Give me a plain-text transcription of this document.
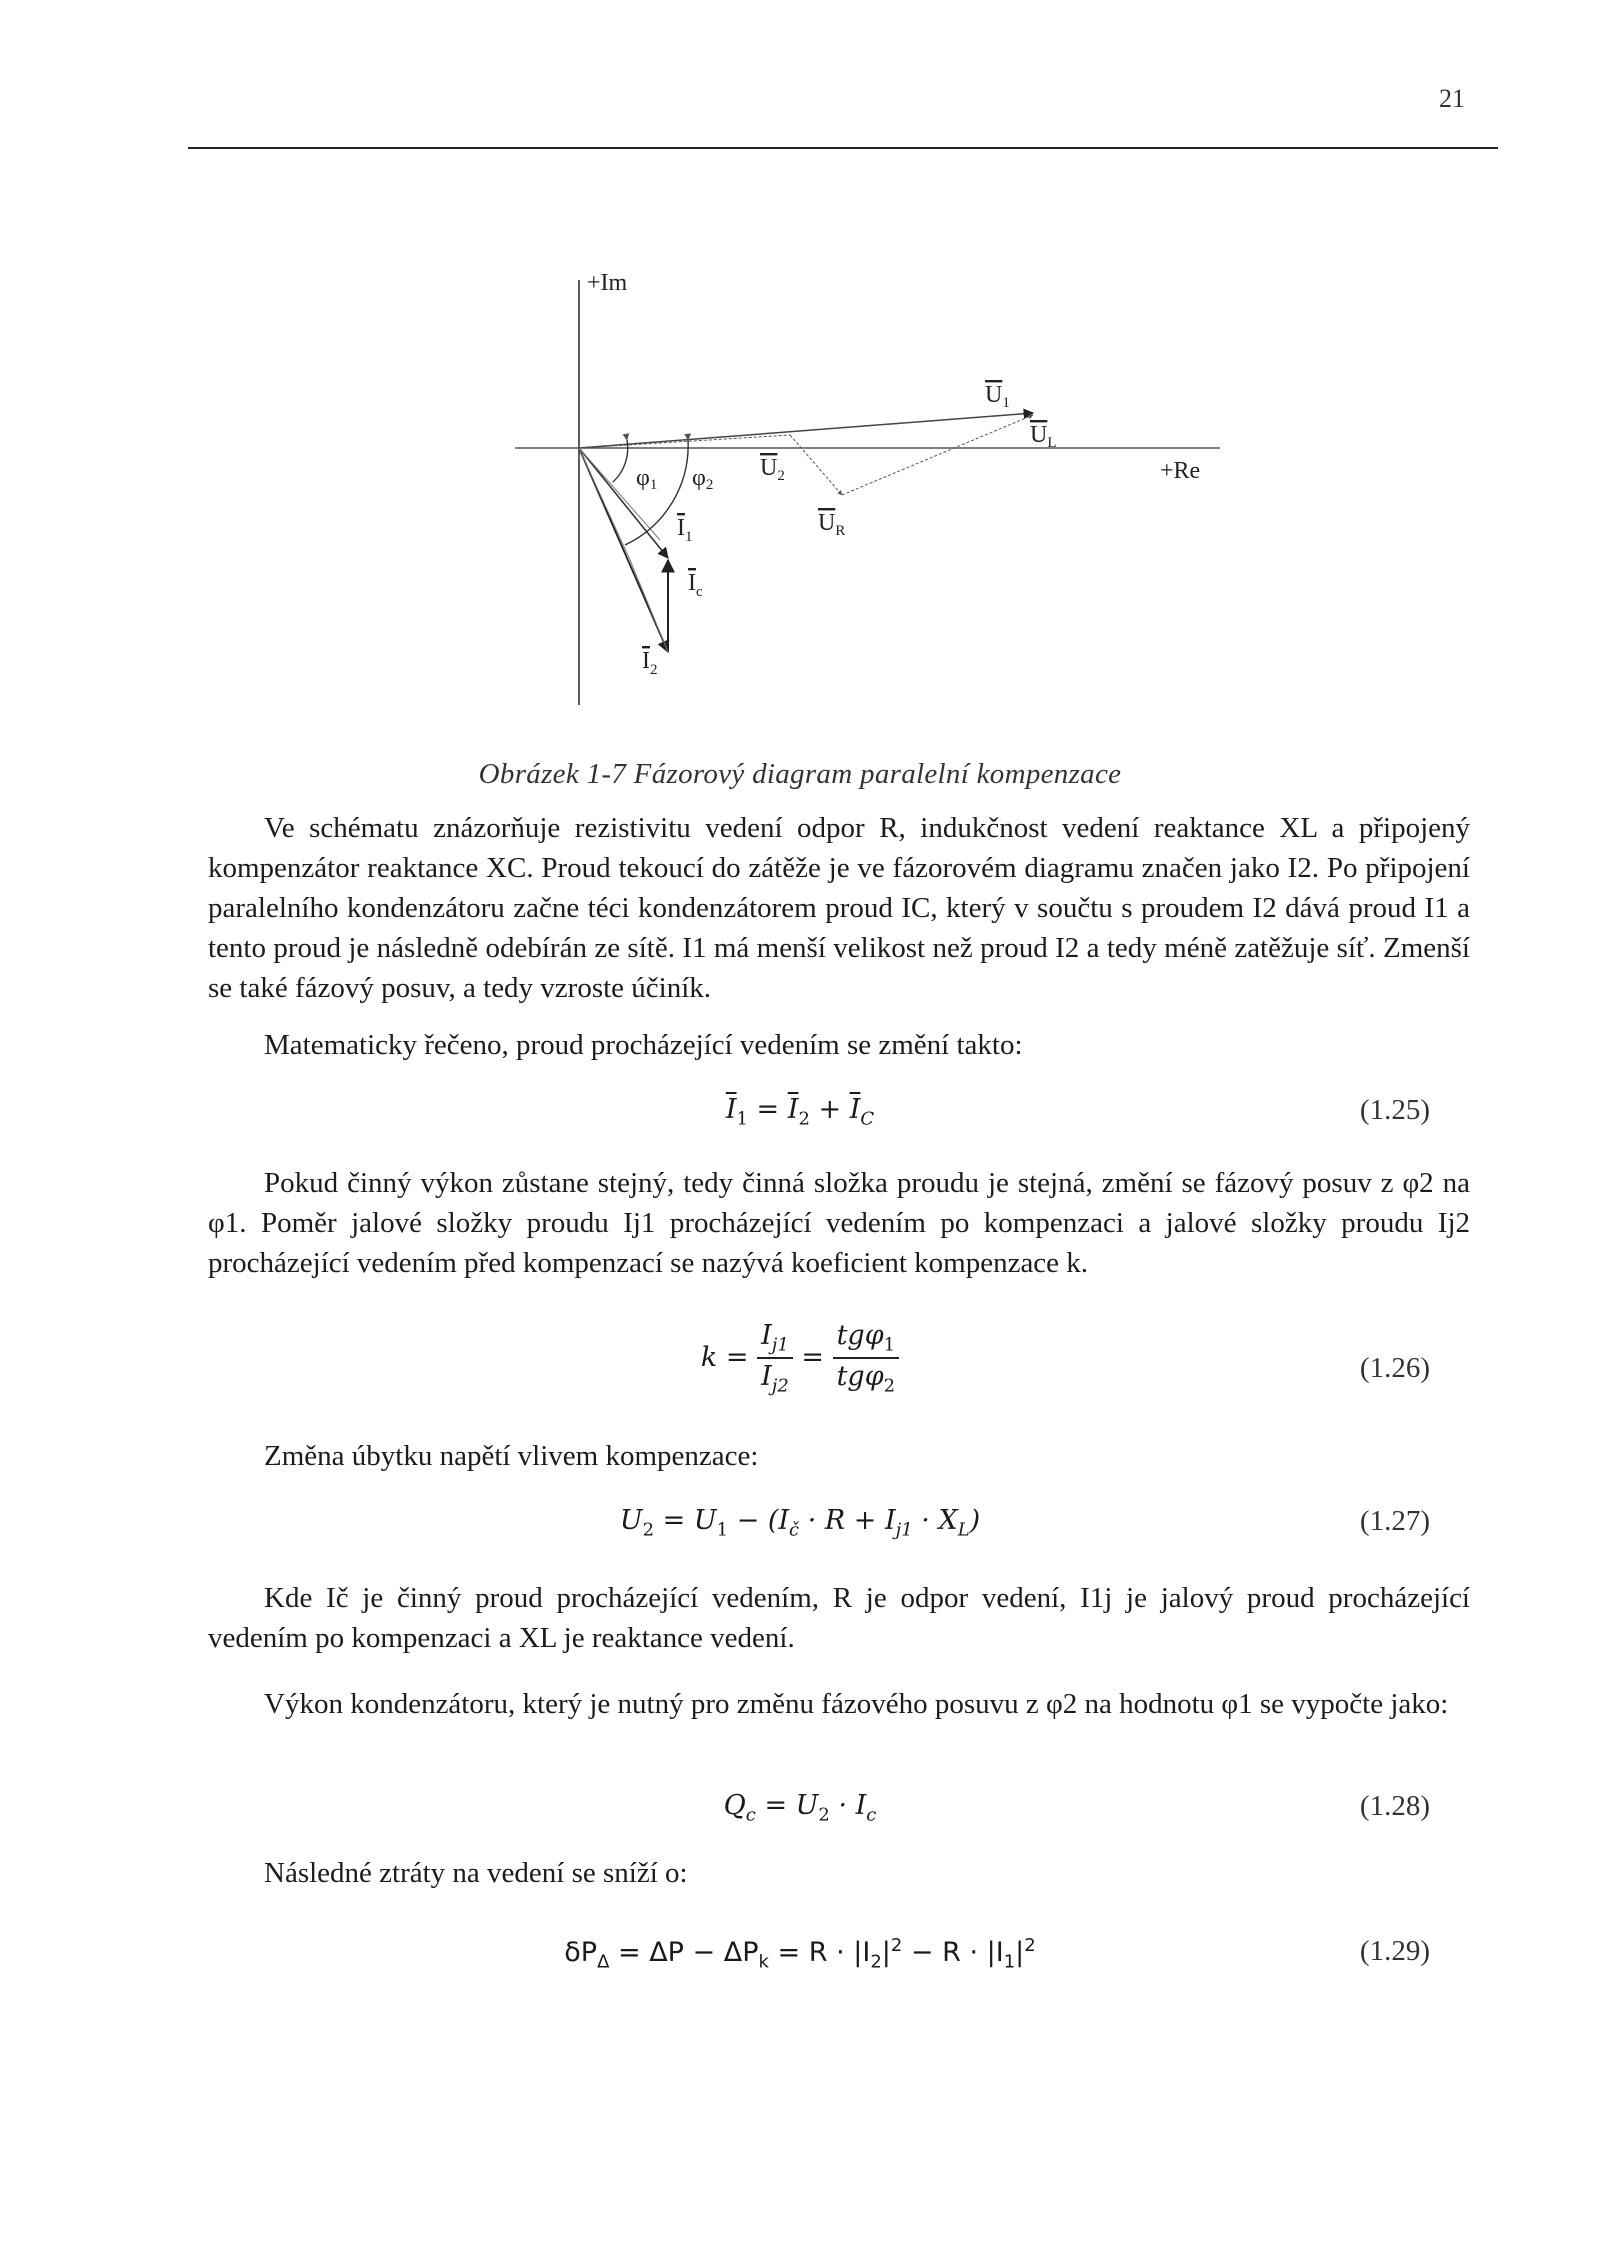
21
+Im
+Re
φ1 φ2
$U_1$
$U_L$
$U_2$
$U_R$
$I_1$
$I_c$
$I_2$
Obrázek 1-7 Fázorový diagram paralelní kompenzace

Ve schématu znázorňuje rezistivitu vedení odpor R, indukčnost vedení reaktance XL a připojený kompenzátor reaktance XC. Proud tekoucí do zátěže je ve fázorovém diagramu značen jako I2. Po připojení paralelního kondenzátoru začne téci kondenzátorem proud IC, který v součtu s proudem I2 dává proud I1 a tento proud je následně odebírán ze sítě. I1 má menší velikost než proud I2 a tedy méně zatěžuje síť. Zmenší se také fázový posuv, a tedy vzroste účiník.

Matematicky řečeno, proud procházející vedením se změní takto:
$\overline{I}_1 = \overline{I}_2 + \overline{I}_C$	(1.25)

Pokud činný výkon zůstane stejný, tedy činná složka proudu je stejná, změní se fázový posuv z φ2 na φ1. Poměr jalové složky proudu Ij1 procházející vedením po kompenzaci a jalové složky proudu Ij2 procházející vedením před kompenzací se nazývá koeficient kompenzace k.

$k = \frac{I_{j1}}{I_{j2}} = \frac{tg\varphi_1}{tg\varphi_2}$	(1.26)
Změna úbytku napětí vlivem kompenzace:
$U_2 = U_1 - (I_č \cdot R + I_{j1} \cdot X_L)$	(1.27)

Kde Ič je činný proud procházející vedením, R je odpor vedení, I1j je jalový proud procházející vedením po kompenzaci a XL je reaktance vedení.

Výkon kondenzátoru, který je nutný pro změnu fázového posuvu z φ2 na hodnotu φ1 se vypočte jako:

$Q_c = U_2 \cdot I_c$	(1.28)
Následné ztráty na vedení se sníží o:
$\delta P_\Delta = \Delta P - \Delta P_k = R \cdot |I_2|^2 - R \cdot |I_1|^2$	(1.29)
